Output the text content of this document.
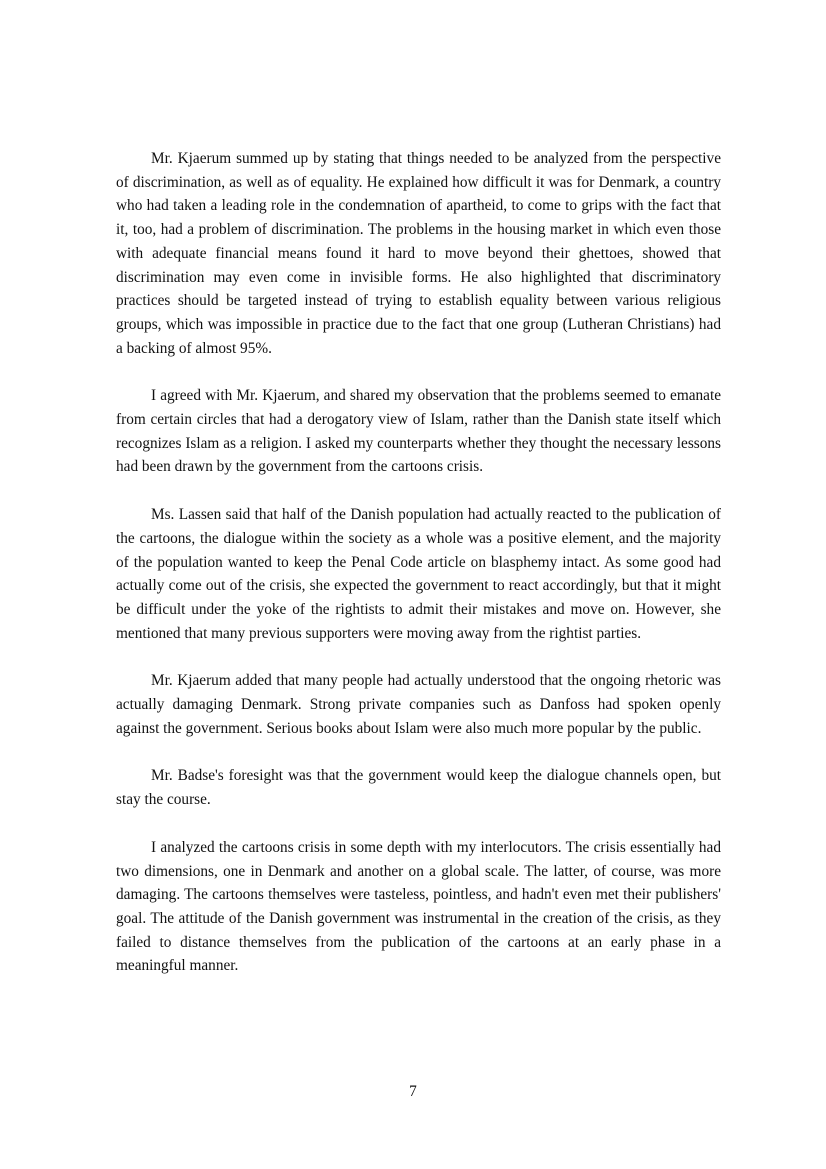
Mr. Kjaerum summed up by stating that things needed to be analyzed from the perspective of discrimination, as well as of equality. He explained how difficult it was for Denmark, a country who had taken a leading role in the condemnation of apartheid, to come to grips with the fact that it, too, had a problem of discrimination. The problems in the housing market in which even those with adequate financial means found it hard to move beyond their ghettoes, showed that discrimination may even come in invisible forms. He also highlighted that discriminatory practices should be targeted instead of trying to establish equality between various religious groups, which was impossible in practice due to the fact that one group (Lutheran Christians) had a backing of almost 95%.

I agreed with Mr. Kjaerum, and shared my observation that the problems seemed to emanate from certain circles that had a derogatory view of Islam, rather than the Danish state itself which recognizes Islam as a religion. I asked my counterparts whether they thought the necessary lessons had been drawn by the government from the cartoons crisis.

Ms. Lassen said that half of the Danish population had actually reacted to the publication of the cartoons, the dialogue within the society as a whole was a positive element, and the majority of the population wanted to keep the Penal Code article on blasphemy intact. As some good had actually come out of the crisis, she expected the government to react accordingly, but that it might be difficult under the yoke of the rightists to admit their mistakes and move on. However, she mentioned that many previous supporters were moving away from the rightist parties.

Mr. Kjaerum added that many people had actually understood that the ongoing rhetoric was actually damaging Denmark. Strong private companies such as Danfoss had spoken openly against the government. Serious books about Islam were also much more popular by the public.

Mr. Badse's foresight was that the government would keep the dialogue channels open, but stay the course.

I analyzed the cartoons crisis in some depth with my interlocutors. The crisis essentially had two dimensions, one in Denmark and another on a global scale. The latter, of course, was more damaging. The cartoons themselves were tasteless, pointless, and hadn't even met their publishers' goal. The attitude of the Danish government was instrumental in the creation of the crisis, as they failed to distance themselves from the publication of the cartoons at an early phase in a meaningful manner.

7
